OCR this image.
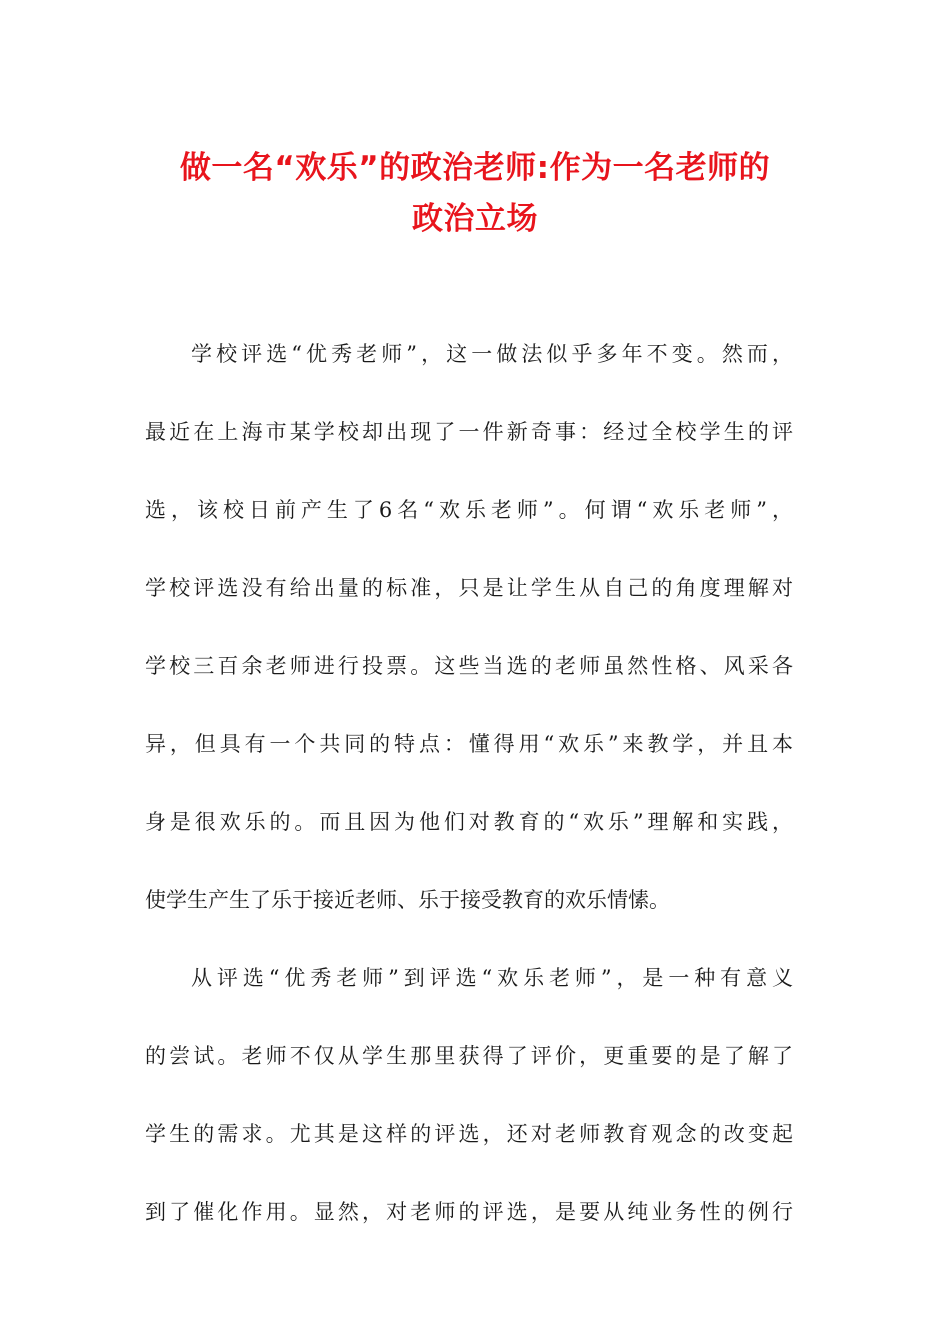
做一名“欢乐”的政治老师:作为一名老师的
政治立场

学校评选“优秀老师”，这一做法似乎多年不变。然而，
最近在上海市某学校却出现了一件新奇事：经过全校学生的评
选，该校日前产生了6名“欢乐老师”。何谓“欢乐老师”，
学校评选没有给出量的标准，只是让学生从自己的角度理解对
学校三百余老师进行投票。这些当选的老师虽然性格、风采各
异，但具有一个共同的特点：懂得用“欢乐”来教学，并且本
身是很欢乐的。而且因为他们对教育的“欢乐”理解和实践，
使学生产生了乐于接近老师、乐于接受教育的欢乐情愫。

从评选“优秀老师”到评选“欢乐老师”，是一种有意义
的尝试。老师不仅从学生那里获得了评价，更重要的是了解了
学生的需求。尤其是这样的评选，还对老师教育观念的改变起
到了催化作用。显然，对老师的评选，是要从纯业务性的例行
